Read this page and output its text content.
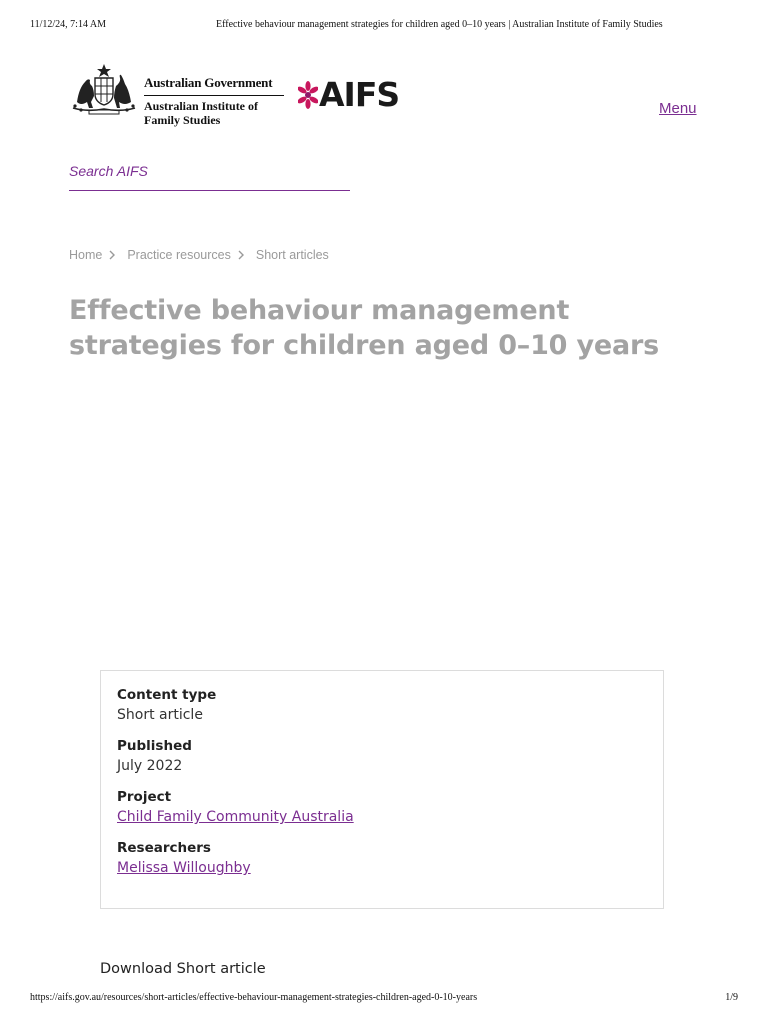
11/12/24, 7:14 AM	Effective behaviour management strategies for children aged 0–10 years | Australian Institute of Family Studies
Australian Government
Australian Institute of Family Studies
AIFS	Menu
Search AIFS
Home Practice resources Short articles
Effective behaviour management strategies for children aged 0–10 years
Content type
Short article
Published
July 2022
Project
Child Family Community Australia
Researchers
Melissa Willoughby
Download Short article
https://aifs.gov.au/resources/short-articles/effective-behaviour-management-strategies-children-aged-0-10-years	1/9
